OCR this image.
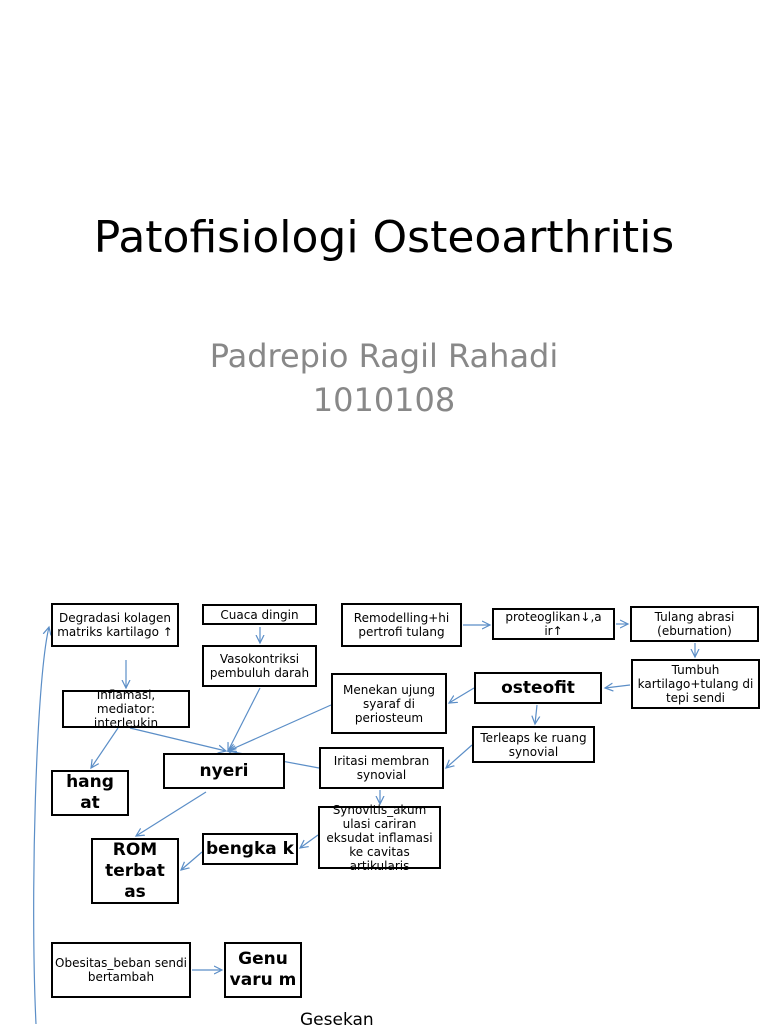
Patofisiologi Osteoarthritis
Padrepio Ragil Rahadi
1010108
Degradasi kolagen matriks kartilago ↑
Cuaca dingin	Remodelling+hi pertrofi tulang
proteoglikan↓,a ir↑
Tulang abrasi (eburnation)
Vasokontriksi pembuluh darah	Tumbuh kartilago+tulang di tepi sendi
Menekan ujung syaraf di periosteum
osteofit
Inflamasi, mediator: interleukin
Terleaps ke ruang synovial
Iritasi membran synovial
hang at
nyeri
Synovitis_akum ulasi cariran eksudat inflamasi ke cavitas artikularis
bengka k
ROM terbat as
Obesitas_beban sendi bertambah
Genu varu m
Gesekan
